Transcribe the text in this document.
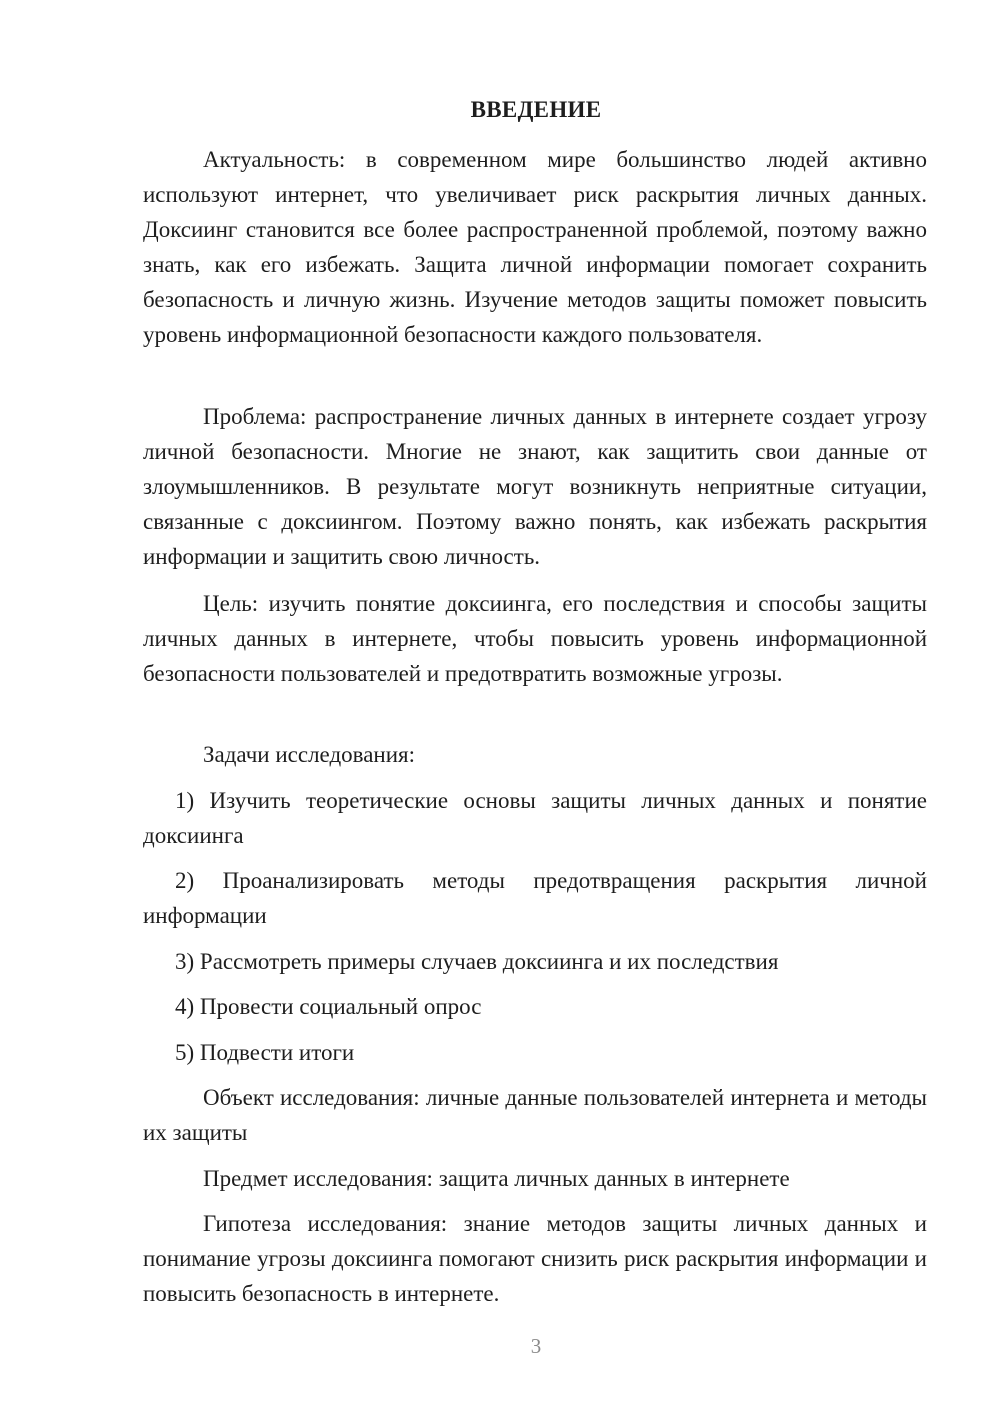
ВВЕДЕНИЕ

Актуальность: в современном мире большинство людей активно используют интернет, что увеличивает риск раскрытия личных данных. Доксиинг становится все более распространенной проблемой, поэтому важно знать, как его избежать. Защита личной информации помогает сохранить безопасность и личную жизнь. Изучение методов защиты поможет повысить уровень информационной безопасности каждого пользователя.

Проблема: распространение личных данных в интернете создает угрозу личной безопасности. Многие не знают, как защитить свои данные от злоумышленников. В результате могут возникнуть неприятные ситуации, связанные с доксиингом. Поэтому важно понять, как избежать раскрытия информации и защитить свою личность.

Цель: изучить понятие доксиинга, его последствия и способы защиты личных данных в интернете, чтобы повысить уровень информационной безопасности пользователей и предотвратить возможные угрозы.

Задачи исследования:

1) Изучить теоретические основы защиты личных данных и понятие доксиинга

2) Проанализировать методы предотвращения раскрытия личной информации

3) Рассмотреть примеры случаев доксиинга и их последствия

4) Провести социальный опрос

5) Подвести итоги

Объект исследования: личные данные пользователей интернета и методы их защиты

Предмет исследования: защита личных данных в интернете

Гипотеза исследования: знание методов защиты личных данных и понимание угрозы доксиинга помогают снизить риск раскрытия информации и повысить безопасность в интернете.

3
